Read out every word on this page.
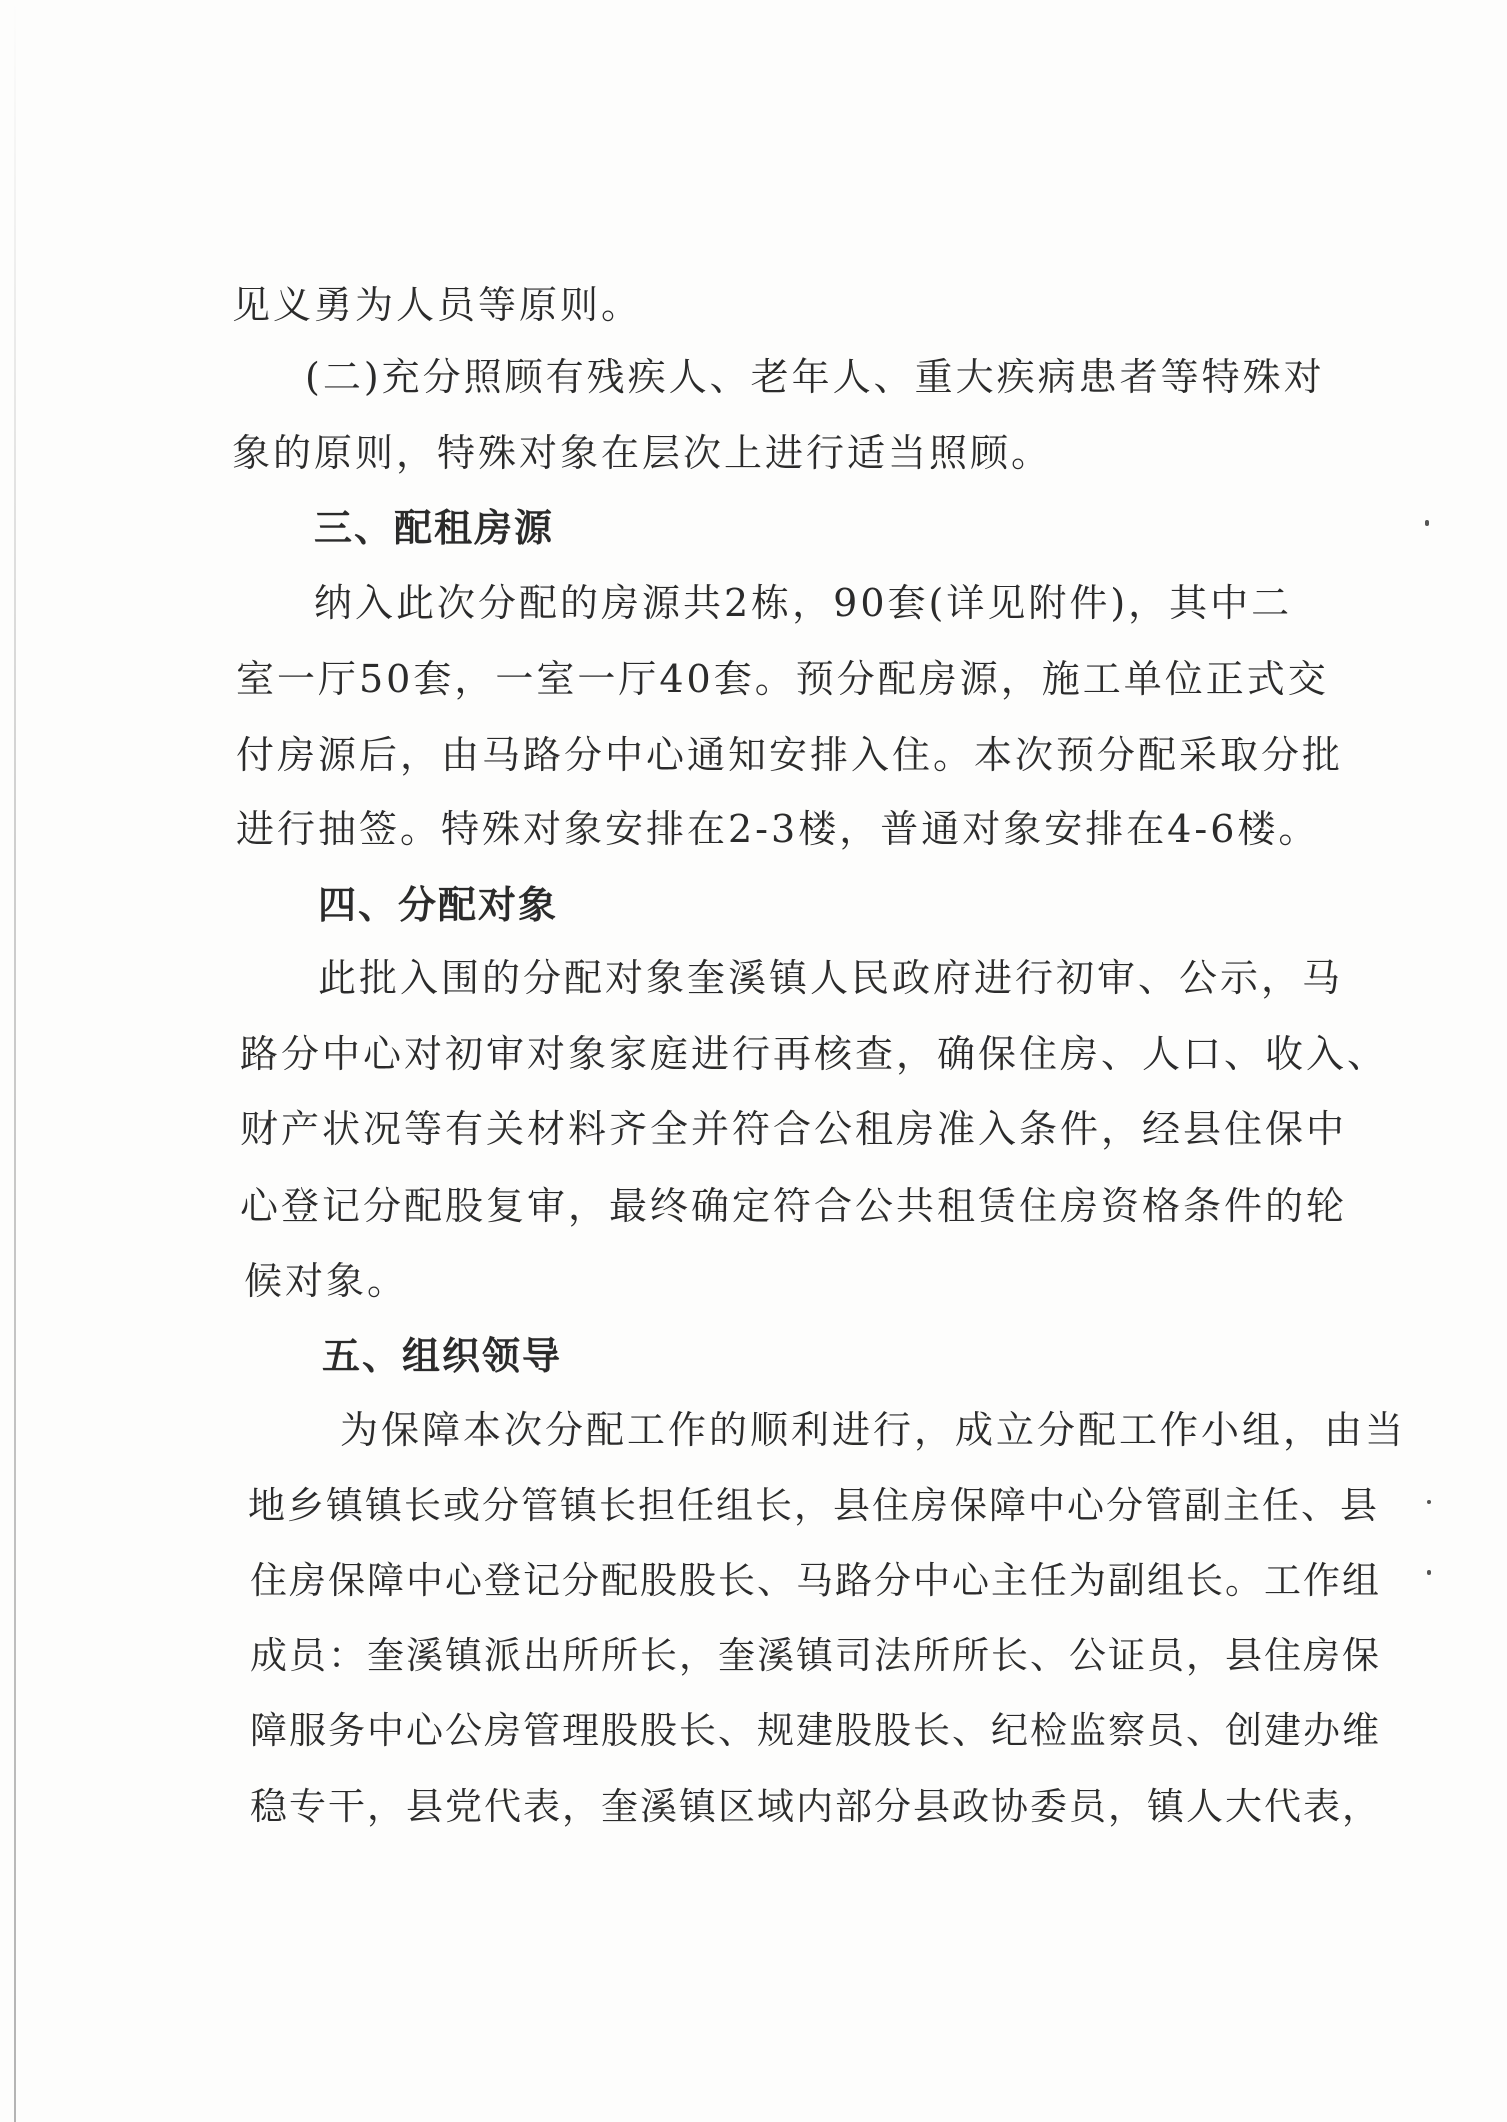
见义勇为人员等原则。
(二)充分照顾有残疾人、老年人、重大疾病患者等特殊对
象的原则，特殊对象在层次上进行适当照顾。
三、配租房源
纳入此次分配的房源共2栋，90套(详见附件)，其中二
室一厅50套，一室一厅40套。预分配房源，施工单位正式交
付房源后，由马路分中心通知安排入住。本次预分配采取分批
进行抽签。特殊对象安排在2-3楼，普通对象安排在4-6楼。
四、分配对象
此批入围的分配对象奎溪镇人民政府进行初审、公示，马
路分中心对初审对象家庭进行再核查，确保住房、人口、收入、
财产状况等有关材料齐全并符合公租房准入条件，经县住保中
心登记分配股复审，最终确定符合公共租赁住房资格条件的轮
候对象。
五、组织领导
为保障本次分配工作的顺利进行，成立分配工作小组，由当
地乡镇镇长或分管镇长担任组长，县住房保障中心分管副主任、县
住房保障中心登记分配股股长、马路分中心主任为副组长。工作组
成员：奎溪镇派出所所长，奎溪镇司法所所长、公证员，县住房保
障服务中心公房管理股股长、规建股股长、纪检监察员、创建办维
稳专干，县党代表，奎溪镇区域内部分县政协委员，镇人大代表，
